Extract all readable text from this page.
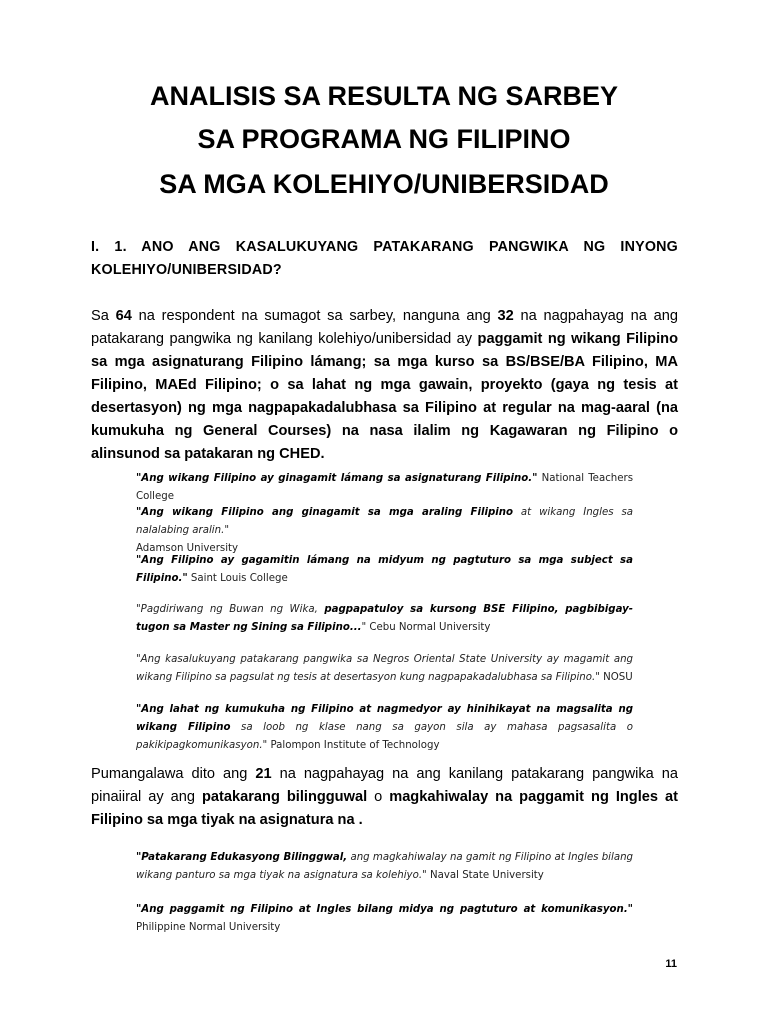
ANALISIS SA RESULTA NG SARBEY
SA PROGRAMA NG FILIPINO
SA MGA KOLEHIYO/UNIBERSIDAD

I. 1. ANO ANG KASALUKUYANG PATAKARANG PANGWIKA NG INYONG KOLEHIYO/UNIBERSIDAD?

Sa 64 na respondent na sumagot sa sarbey, nanguna ang 32 na nagpahayag na ang patakarang pangwika ng kanilang kolehiyo/unibersidad ay paggamit ng wikang Filipino sa mga asignaturang Filipino lámang; sa mga kurso sa BS/BSE/BA Filipino, MA Filipino, MAEd Filipino; o sa lahat ng mga gawain, proyekto (gaya ng tesis at desertasyon) ng mga nagpapakadalubhasa sa Filipino at regular na mag-aaral (na kumukuha ng General Courses) na nasa ilalim ng Kagawaran ng Filipino o alinsunod sa patakaran ng CHED.

"Ang wikang Filipino ay ginagamit lámang sa asignaturang Filipino." National Teachers College

"Ang wikang Filipino ang ginagamit sa mga araling Filipino at wikang Ingles sa nalalabing aralin."
Adamson University

"Ang Filipino ay gagamitin lámang na midyum ng pagtuturo sa mga subject sa Filipino." Saint Louis College

"Pagdiriwang ng Buwan ng Wika, pagpapatuloy sa kursong BSE Filipino, pagbibigay-tugon sa Master ng Sining sa Filipino..." Cebu Normal University

"Ang kasalukuyang patakarang pangwika sa Negros Oriental State University ay magamit ang wikang Filipino sa pagsulat ng tesis at desertasyon kung nagpapakadalubhasa sa Filipino." NOSU

"Ang lahat ng kumukuha ng Filipino at nagmedyor ay hinihikayat na magsalita ng wikang Filipino sa loob ng klase nang sa gayon sila ay mahasa pagsasalita o pakikipagkomunikasyon." Palompon Institute of Technology

Pumangalawa dito ang 21 na nagpahayag na ang kanilang patakarang pangwika na pinaiiral ay ang patakarang bilingguwal o magkahiwalay na paggamit ng Ingles at Filipino sa mga tiyak na asignatura na .

"Patakarang Edukasyong Bilinggwal, ang magkahiwalay na gamit ng Filipino at Ingles bilang wikang panturo sa mga tiyak na asignatura sa kolehiyo." Naval State University

"Ang paggamit ng Filipino at Ingles bilang midya ng pagtuturo at komunikasyon." Philippine Normal University

11
